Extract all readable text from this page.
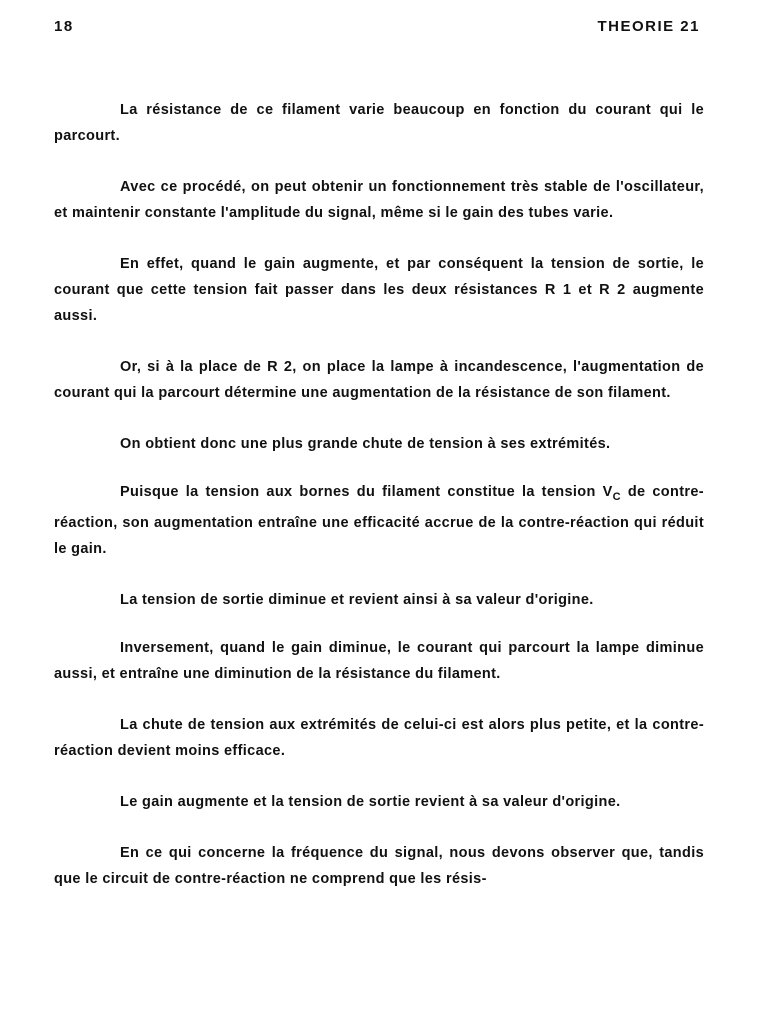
18	THEORIE 21

La résistance de ce filament varie beaucoup en fonction du courant qui le parcourt.

Avec ce procédé, on peut obtenir un fonctionnement très stable de l'oscillateur, et maintenir constante l'amplitude du signal, même si le gain des tubes varie.

En effet, quand le gain augmente, et par conséquent la tension de sortie, le courant que cette tension fait passer dans les deux résistances R 1 et R 2 augmente aussi.

Or, si à la place de R 2, on place la lampe à incandescence, l'augmentation de courant qui la parcourt détermine une augmentation de la résistance de son filament.

On obtient donc une plus grande chute de tension à ses extrémités.

Puisque la tension aux bornes du filament constitue la tension $V_C$ de contre-réaction, son augmentation entraîne une efficacité accrue de la contre-réaction qui réduit le gain.

La tension de sortie diminue et revient ainsi à sa valeur d'origine.

Inversement, quand le gain diminue, le courant qui parcourt la lampe diminue aussi, et entraîne une diminution de la résistance du filament.

La chute de tension aux extrémités de celui-ci est alors plus petite, et la contre-réaction devient moins efficace.

Le gain augmente et la tension de sortie revient à sa valeur d'origine.

En ce qui concerne la fréquence du signal, nous devons observer que, tandis que le circuit de contre-réaction ne comprend que les résis-
